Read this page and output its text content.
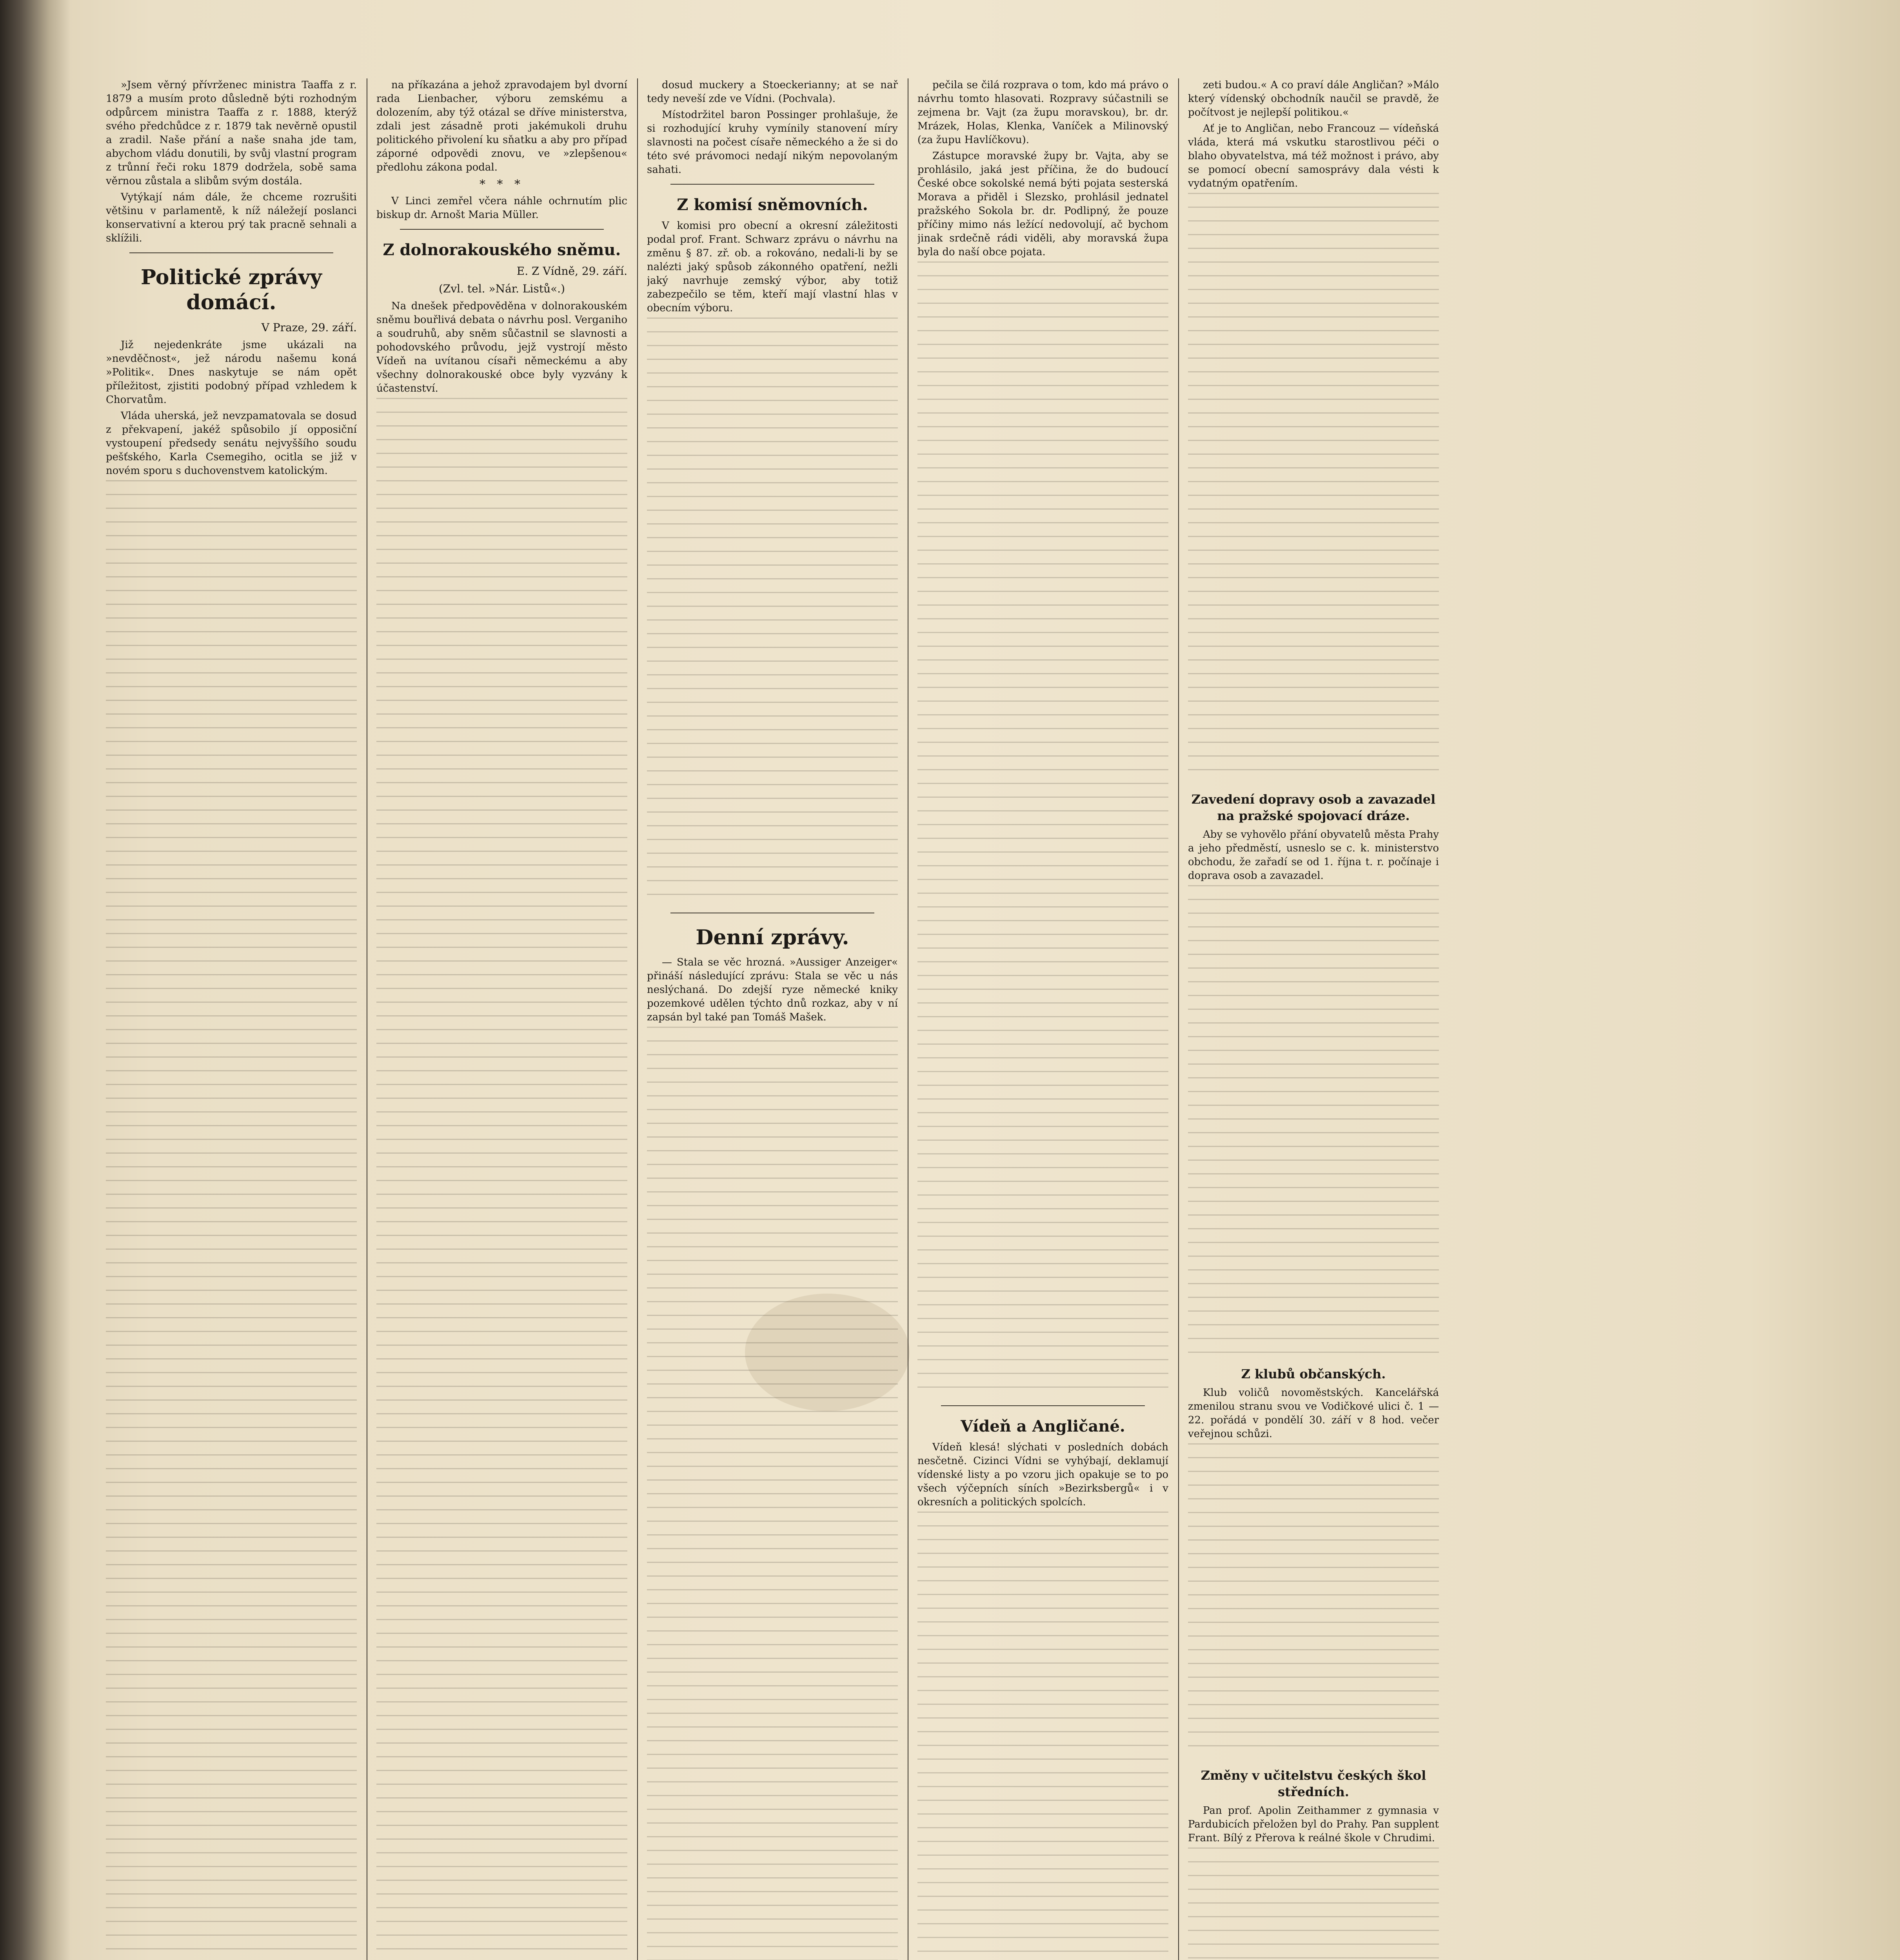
»Jsem věrný přívrženec ministra Taaffa z r. 1879 a musím proto důsledně býti rozhodným odpůrcem ministra Taaffa z r. 1888, kterýž svého předchůdce z r. 1879 tak nevěrně opustil a zradil. Naše přání a naše snaha jde tam, abychom vládu donutili, by svůj vlastní program z trůnní řeči roku 1879 dodržela, sobě sama věrnou zůstala a slibům svým dostála.

Vytýkají nám dále, že chceme rozrušiti většinu v parlamentě, k níž náležejí poslanci konservativní a kterou prý tak pracně sehnali a sklížili.

Politické zprávy domácí.

V Praze, 29. září.

Již nejedenkráte jsme ukázali na »nevděčnost«, jež národu našemu koná »Politik«. Dnes naskytuje se nám opět příležitost, zjistiti podobný případ vzhledem k Chorvatům.

Vláda uherská, jež nevzpamatovala se dosud z překvapení, jakéž spůsobilo jí opposiční vystoupení předsedy senátu nejvyššího soudu pešťského, Karla Csemegiho, ocitla se již v novém sporu s duchovenstvem katolickým.

na příkazána a jehož zpravodajem byl dvorní rada Lienbacher, výboru zemskému a dolozením, aby týž otázal se dříve ministerstva, zdali jest zásadně proti jakémukoli druhu politického přivolení ku sňatku a aby pro případ záporné odpovědi znovu, ve »zlepšenou« předlohu zákona podal.

* * *

V Linci zemřel včera náhle ochrnutím plic biskup dr. Arnošt Maria Müller.

Z dolnorakouského sněmu.

E. Z Vídně, 29. září.

(Zvl. tel. »Nár. Listů«.)

Na dnešek předpověděna v dolnorakouském sněmu bouřlivá debata o návrhu posl. Verganiho a soudruhů, aby sněm sůčastnil se slavnosti a pohodovského průvodu, jejž vystrojí město Vídeň na uvítanou císaři německému a aby všechny dolnorakouské obce byly vyzvány k účastenství.

dosud muckery a Stoeckerianny; at se nař tedy neveší zde ve Vídni. (Pochvala).

Místodržitel baron Possinger prohlašuje, že si rozhodující kruhy vymínily stanovení míry slavnosti na počest císaře německého a že si do této své právomoci nedají nikým nepovolaným sahati.

Z komisí sněmovních.

V komisi pro obecní a okresní záležitosti podal prof. Frant. Schwarz zprávu o návrhu na změnu § 87. zř. ob. a rokováno, nedali-li by se nalézti jaký spůsob zákonného opatření, nežli jaký navrhuje zemský výbor, aby totiž zabezpečilo se těm, kteří mají vlastní hlas v obecním výboru.

Denní zprávy.

— Stala se věc hrozná. »Aussiger Anzeiger« přináší následující zprávu: Stala se věc u nás neslýchaná. Do zdejší ryze německé kniky pozemkové udělen týchto dnů rozkaz, aby v ní zapsán byl také pan Tomáš Mašek.

pečila se čilá rozprava o tom, kdo má právo o návrhu tomto hlasovati. Rozpravy súčastnili se zejmena br. Vajt (za župu moravskou), br. dr. Mrázek, Holas, Klenka, Vaníček a Milinovský (za župu Havlíčkovu).

Zástupce moravské župy br. Vajta, aby se prohlásilo, jaká jest příčina, že do budoucí České obce sokolské nemá býti pojata sesterská Morava a přiděl i Slezsko, prohlásil jednatel pražského Sokola br. dr. Podlipný, že pouze příčiny mimo nás ležící nedovolují, ač bychom jinak srdečně rádi viděli, aby moravská župa byla do naší obce pojata.

Vídeň a Angličané.

Vídeň klesá! slýchati v posledních dobách nesčetně. Cizinci Vídni se vyhýbají, deklamují vídenské listy a po vzoru jich opakuje se to po všech výčepních síních »Bezirksbergů« i v okresních a politických spolcích.

zeti budou.« A co praví dále Angličan? »Málo který vídenský obchodník naučil se pravdě, že počítvost je nejlepší politikou.«

Ať je to Angličan, nebo Francouz — vídeňská vláda, která má vskutku starostlivou péči o blaho obyvatelstva, má též možnost i právo, aby se pomocí obecní samosprávy dala vésti k vydatným opatřením.

Zavedení dopravy osob a zavazadel na pražské spojovací dráze.

Aby se vyhovělo přání obyvatelů města Prahy a jeho předměstí, usneslo se c. k. ministerstvo obchodu, že zařadí se od 1. října t. r. počínaje i doprava osob a zavazadel.

Z klubů občanských.

Klub voličů novoměstských. Kancelářská zmenilou stranu svou ve Vodičkové ulici č. 1 — 22. pořádá v pondělí 30. září v 8 hod. večer veřejnou schůzi.

Změny v učitelstvu českých škol středních.

Pan prof. Apolin Zeithammer z gymnasia v Pardubicích přeložen byl do Prahy. Pan supplent Frant. Bílý z Přerova k reálné škole v Chrudimi.
